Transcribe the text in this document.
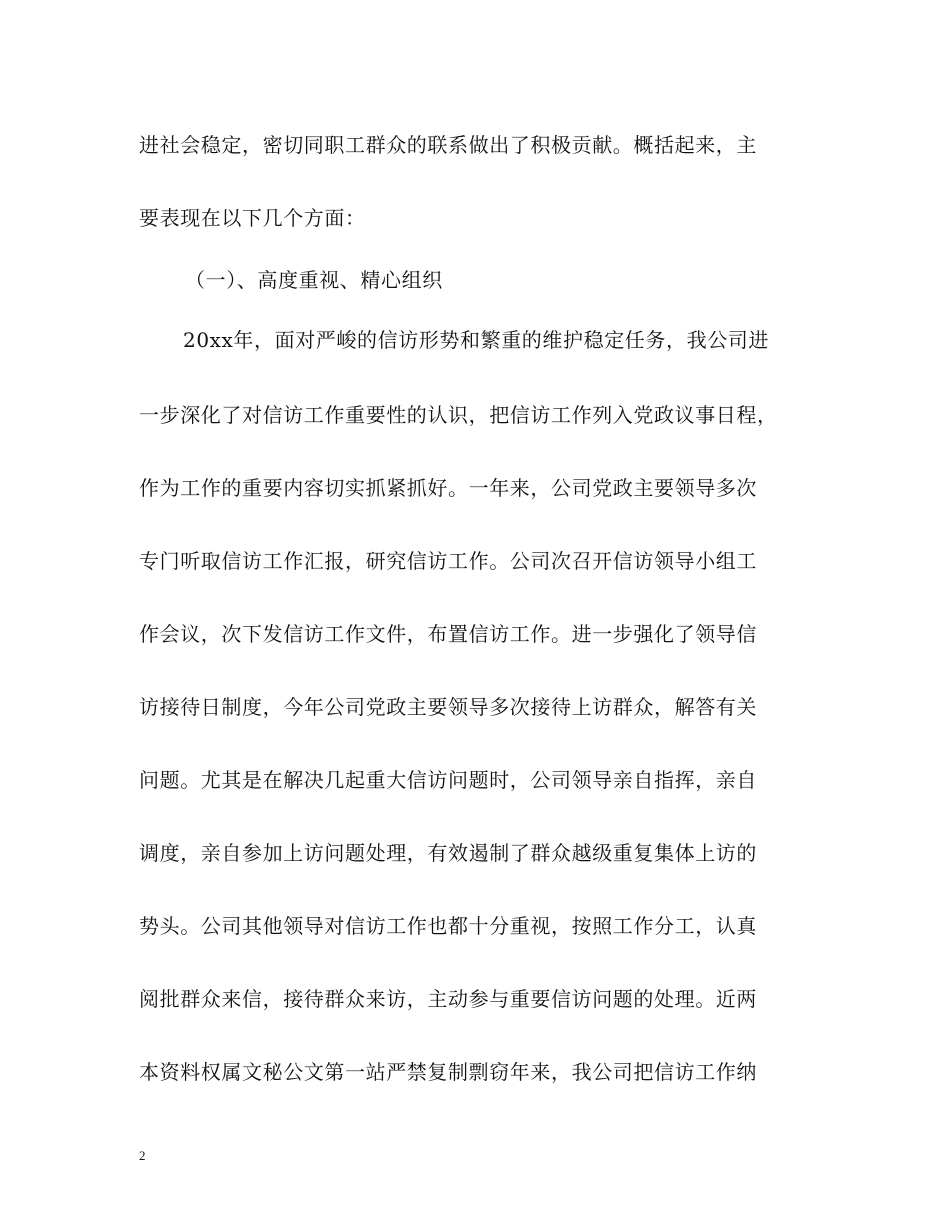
进社会稳定，密切同职工群众的联系做出了积极贡献。概括起来，主
要表现在以下几个方面：
（一）、高度重视、精心组织
20xx年，面对严峻的信访形势和繁重的维护稳定任务，我公司进
一步深化了对信访工作重要性的认识，把信访工作列入党政议事日程，
作为工作的重要内容切实抓紧抓好。一年来，公司党政主要领导多次
专门听取信访工作汇报，研究信访工作。公司次召开信访领导小组工
作会议，次下发信访工作文件，布置信访工作。进一步强化了领导信
访接待日制度，今年公司党政主要领导多次接待上访群众，解答有关
问题。尤其是在解决几起重大信访问题时，公司领导亲自指挥，亲自
调度，亲自参加上访问题处理，有效遏制了群众越级重复集体上访的
势头。公司其他领导对信访工作也都十分重视，按照工作分工，认真
阅批群众来信，接待群众来访，主动参与重要信访问题的处理。近两
本资料权属文秘公文第一站严禁复制剽窃年来，我公司把信访工作纳
2
